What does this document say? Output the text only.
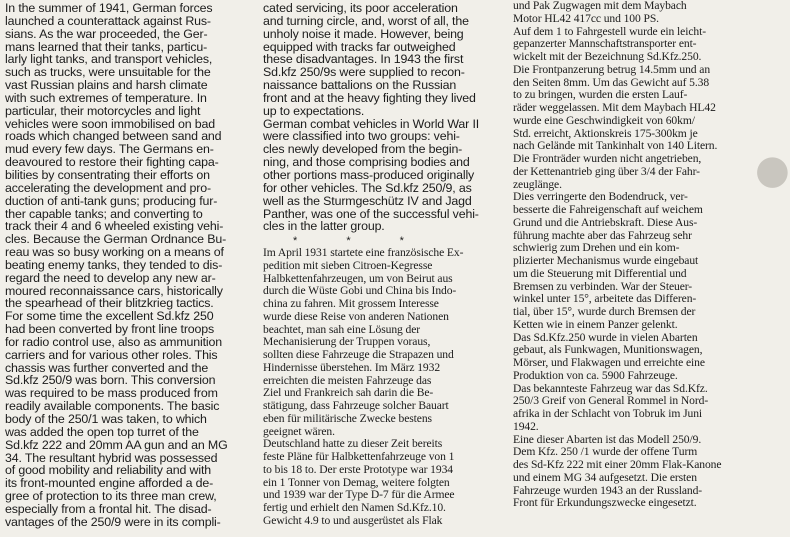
In the summer of 1941, German forces

launched a counterattack against Rus-

sians. As the war proceeded, the Ger-

mans learned that their tanks, particu-

larly light tanks, and transport vehicles,

such as trucks, were unsuitable for the

vast Russian plains and harsh climate

with such extremes of temperature. In

particular, their motorcycles and light

vehicles were soon immobilised on bad

roads which changed between sand and

mud every few days. The Germans en-

deavoured to restore their fighting capa-

bilities by consentrating their efforts on

accelerating the development and pro-

duction of anti-tank guns; producing fur-

ther capable tanks; and converting to

track their 4 and 6 wheeled existing vehi-

cles. Because the German Ordnance Bu-

reau was so busy working on a means of

beating enemy tanks, they tended to dis-

regard the need to develop any new ar-

moured reconnaissance cars, historically

the spearhead of their blitzkrieg tactics.

For some time the excellent Sd.kfz 250

had been converted by front line troops

for radio control use, also as ammunition

carriers and for various other roles. This

chassis was further converted and the

Sd.kfz 250/9 was born. This conversion

was required to be mass produced from

readily available components. The basic

body of the 250/1 was taken, to which

was added the open top turret of the

Sd.kfz 222 and 20mm AA gun and an MG

34. The resultant hybrid was possessed

of good mobility and reliability and with

its front-mounted engine afforded a de-

gree of protection to its three man crew,

especially from a frontal hit. The disad-

vantages of the 250/9 were in its compli-

cated servicing, its poor acceleration

and turning circle, and, worst of all, the

unholy noise it made. However, being

equipped with tracks far outweighed

these disadvantages. In 1943 the first

Sd.kfz 250/9s were supplied to recon-

naissance battalions on the Russian

front and at the heavy fighting they lived

up to expectations.

German combat vehicles in World War II

were classified into two groups: vehi-

cles newly developed from the begin-

ning, and those comprising bodies and

other portions mass-produced originally

for other vehicles. The Sd.kfz 250/9, as

well as the Sturmgeschütz IV and Jagd

Panther, was one of the successful vehi-

cles in the latter group.

* * *

Im April 1931 startete eine französische Ex-

pedition mit sieben Citroen-Kegresse

Halbkettenfahrzeugen, um von Beirut aus

durch die Wüste Gobi und China bis Indo-

china zu fahren. Mit grossem Interesse

wurde diese Reise von anderen Nationen

beachtet, man sah eine Lösung der

Mechanisierung der Truppen voraus,

sollten diese Fahrzeuge die Strapazen und

Hindernisse überstehen. Im März 1932

erreichten die meisten Fahrzeuge das

Ziel und Frankreich sah darin die Be-

stätigung, dass Fahrzeuge solcher Bauart

eben für militärische Zwecke bestens

geeignet wären.

Deutschland hatte zu dieser Zeit bereits

feste Pläne für Halbkettenfahrzeuge von 1

to bis 18 to. Der erste Prototype war 1934

ein 1 Tonner von Demag, weitere folgten

und 1939 war der Type D-7 für die Armee

fertig und erhielt den Namen Sd.Kfz.10.

Gewicht 4.9 to und ausgerüstet als Flak

und Pak Zugwagen mit dem Maybach

Motor HL42 417cc und 100 PS.

Auf dem 1 to Fahrgestell wurde ein leicht-

gepanzerter Mannschaftstransporter ent-

wickelt mit der Bezeichnung Sd.Kfz.250.

Die Frontpanzerung betrug 14.5mm und an

den Seiten 8mm. Um das Gewicht auf 5.38

to zu bringen, wurden die ersten Lauf-

räder weggelassen. Mit dem Maybach HL42

wurde eine Geschwindigkeit von 60km/

Std. erreicht, Aktionskreis 175-300km je

nach Gelände mit Tankinhalt von 140 Litern.

Die Fronträder wurden nicht angetrieben,

der Kettenantrieb ging über 3/4 der Fahr-

zeuglänge.

Dies verringerte den Bodendruck, ver-

besserte die Fahreigenschaft auf weichem

Grund und die Antriebskraft. Diese Aus-

führung machte aber das Fahrzeug sehr

schwierig zum Drehen und ein kom-

plizierter Mechanismus wurde eingebaut

um die Steuerung mit Differential und

Bremsen zu verbinden. War der Steuer-

winkel unter 15°, arbeitete das Differen-

tial, über 15°, wurde durch Bremsen der

Ketten wie in einem Panzer gelenkt.

Das Sd.Kfz.250 wurde in vielen Abarten

gebaut, als Funkwagen, Munitionswagen,

Mörser, und Flakwagen und erreichte eine

Produktion von ca. 5900 Fahrzeuge.

Das bekannteste Fahrzeug war das Sd.Kfz.

250/3 Greif von General Rommel in Nord-

afrika in der Schlacht von Tobruk im Juni

1942.

Eine dieser Abarten ist das Modell 250/9.

Dem Kfz. 250 /1 wurde der offene Turm

des Sd-Kfz 222 mit einer 20mm Flak-Kanone

und einem MG 34 aufgesetzt. Die ersten

Fahrzeuge wurden 1943 an der Russland-

Front für Erkundungszwecke eingesetzt.

●
